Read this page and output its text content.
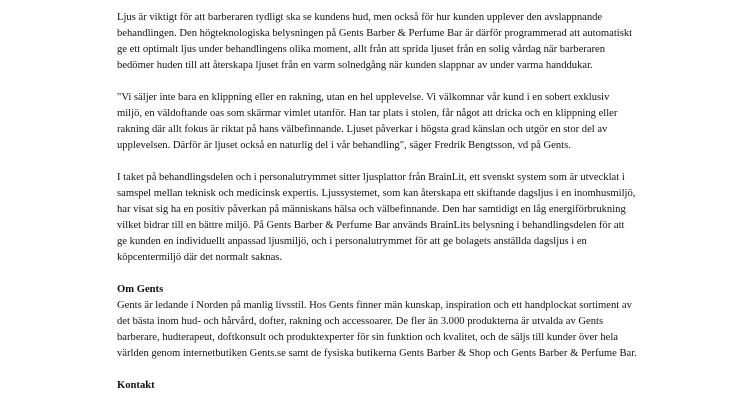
Ljus är viktigt för att barberaren tydligt ska se kundens hud, men också för hur kunden upplever den avslappnande behandlingen. Den högteknologiska belysningen på Gents Barber & Perfume Bar är därför programmerad att automatiskt ge ett optimalt ljus under behandlingens olika moment, allt från att sprida ljuset från en solig vårdag när barberaren bedömer huden till att återskapa ljuset från en varm solnedgång när kunden slappnar av under varma handdukar.

"Vi säljer inte bara en klippning eller en rakning, utan en hel upplevelse. Vi välkomnar vår kund i en sobert exklusiv miljö, en väldoftande oas som skärmar vimlet utanför. Han tar plats i stolen, får något att dricka och en klippning eller rakning där allt fokus är riktat på hans välbefinnande. Ljuset påverkar i högsta grad känslan och utgör en stor del av upplevelsen. Därför är ljuset också en naturlig del i vår behandling", säger Fredrik Bengtsson, vd på Gents.

I taket på behandlingsdelen och i personalutrymmet sitter ljusplattor från BrainLit, ett svenskt system som är utvecklat i samspel mellan teknisk och medicinsk expertis. Ljussystemet, som kan återskapa ett skiftande dagsljus i en inomhusmiljö, har visat sig ha en positiv påverkan på människans hälsa och välbefinnande. Den har samtidigt en låg energiförbrukning vilket bidrar till en bättre miljö. På Gents Barber & Perfume Bar används BrainLits belysning i behandlingsdelen för att ge kunden en individuellt anpassad ljusmiljö, och i personalutrymmet för att ge bolagets anställda dagsljus i en köpcentermiljö där det normalt saknas.

Om Gents

Gents är ledande i Norden på manlig livsstil. Hos Gents finner män kunskap, inspiration och ett handplockat sortiment av det bästa inom hud- och hårvård, dofter, rakning och accessoarer. De fler än 3.000 produkterna är utvalda av Gents barberare, hudterapeut, doftkonsult och produktexperter för sin funktion och kvalitet, och de säljs till kunder över hela världen genom internetbutiken Gents.se samt de fysiska butikerna Gents Barber & Shop och Gents Barber & Perfume Bar.

Kontakt
